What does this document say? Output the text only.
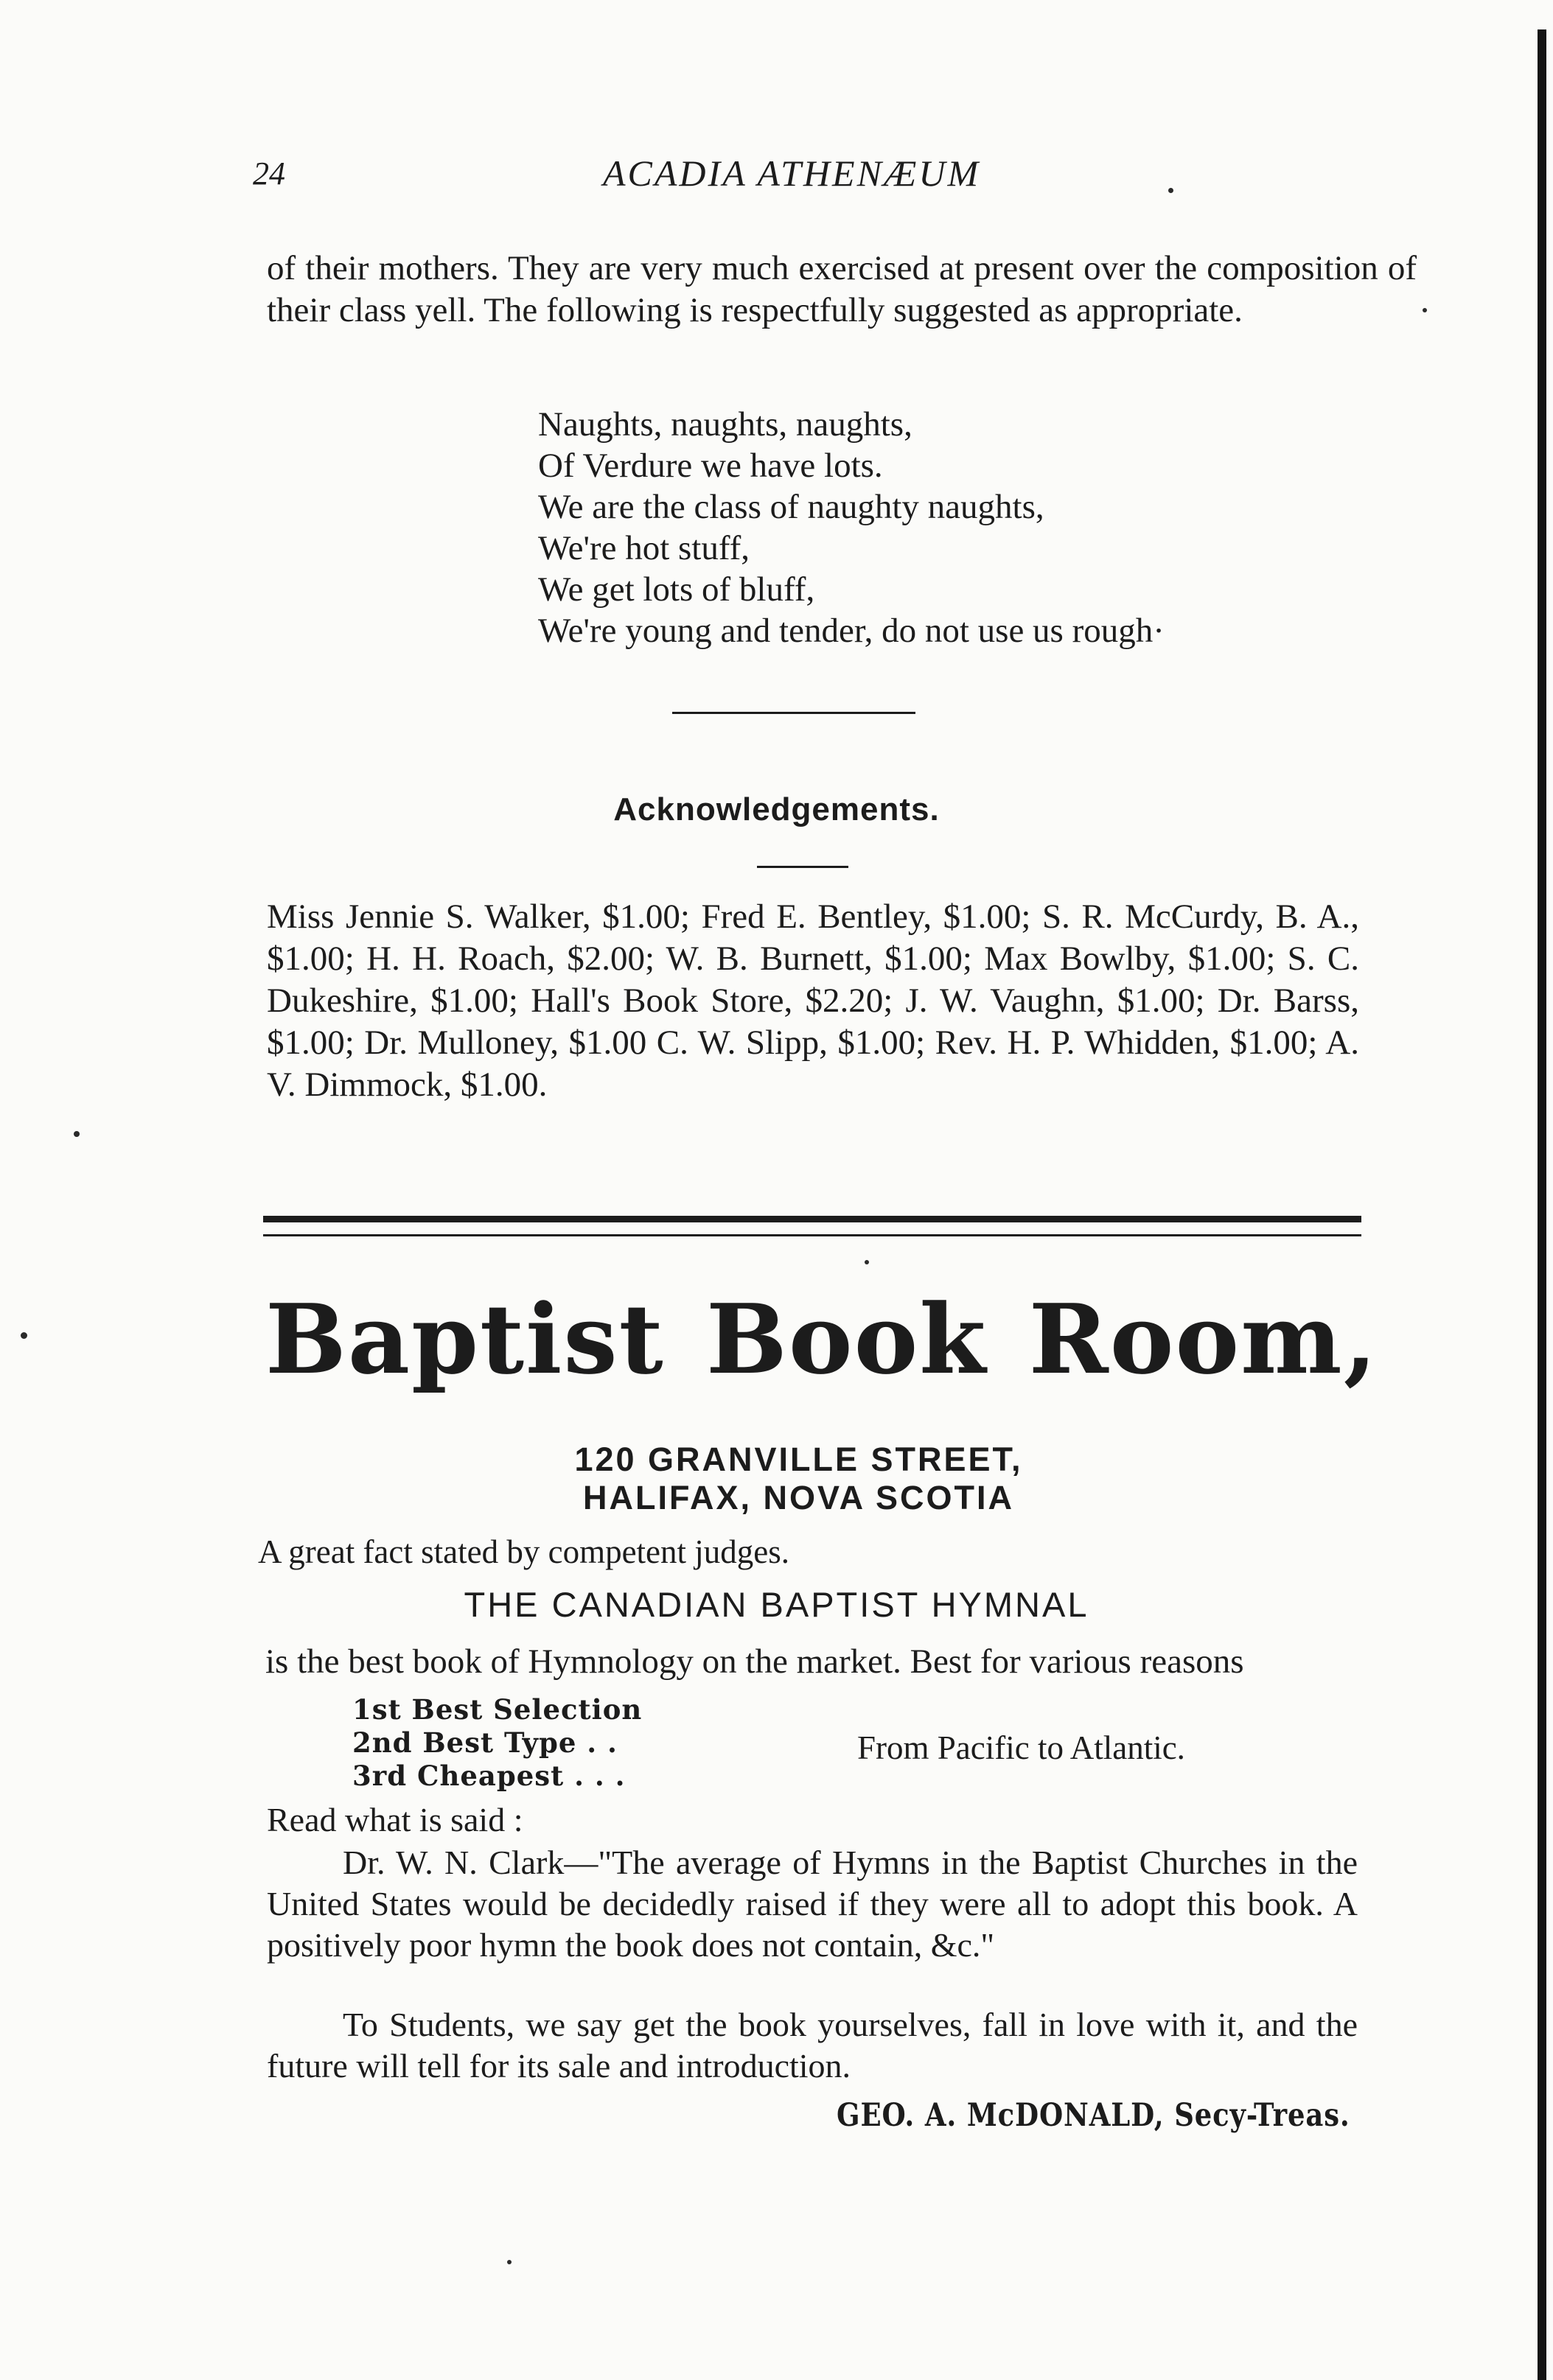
24	ACADIA ATHENÆUM
of their mothers. They are very much exercised at present over the composition of their class yell. The following is respectfully suggested as appropriate.
Naughts, naughts, naughts,
Of Verdure we have lots.
We are the class of naughty naughts,
We're hot stuff,
We get lots of bluff,
We're young and tender, do not use us rough·
Acknowledgements.
Miss Jennie S. Walker, $1.00; Fred E. Bentley, $1.00; S. R. McCurdy, B. A., $1.00; H. H. Roach, $2.00; W. B. Burnett, $1.00; Max Bowlby, $1.00; S. C. Dukeshire, $1.00; Hall's Book Store, $2.20; J. W. Vaughn, $1.00; Dr. Barss, $1.00; Dr. Mulloney, $1.00 C. W. Slipp, $1.00; Rev. H. P. Whidden, $1.00; A. V. Dimmock, $1.00.
Baptist Book Room,
120 GRANVILLE STREET,
HALIFAX, NOVA SCOTIA
A great fact stated by competent judges.
THE CANADIAN BAPTIST HYMNAL
is the best book of Hymnology on the market. Best for various reasons
1st Best Selection
2nd Best Type . .
3rd Cheapest . . .
From Pacific to Atlantic.
Read what is said :
Dr. W. N. Clark—"The average of Hymns in the Baptist Churches in the United States would be decidedly raised if they were all to adopt this book. A positively poor hymn the book does not contain, &c."
To Students, we say get the book yourselves, fall in love with it, and the future will tell for its sale and introduction.
GEO. A. McDONALD, Secy-Treas.
